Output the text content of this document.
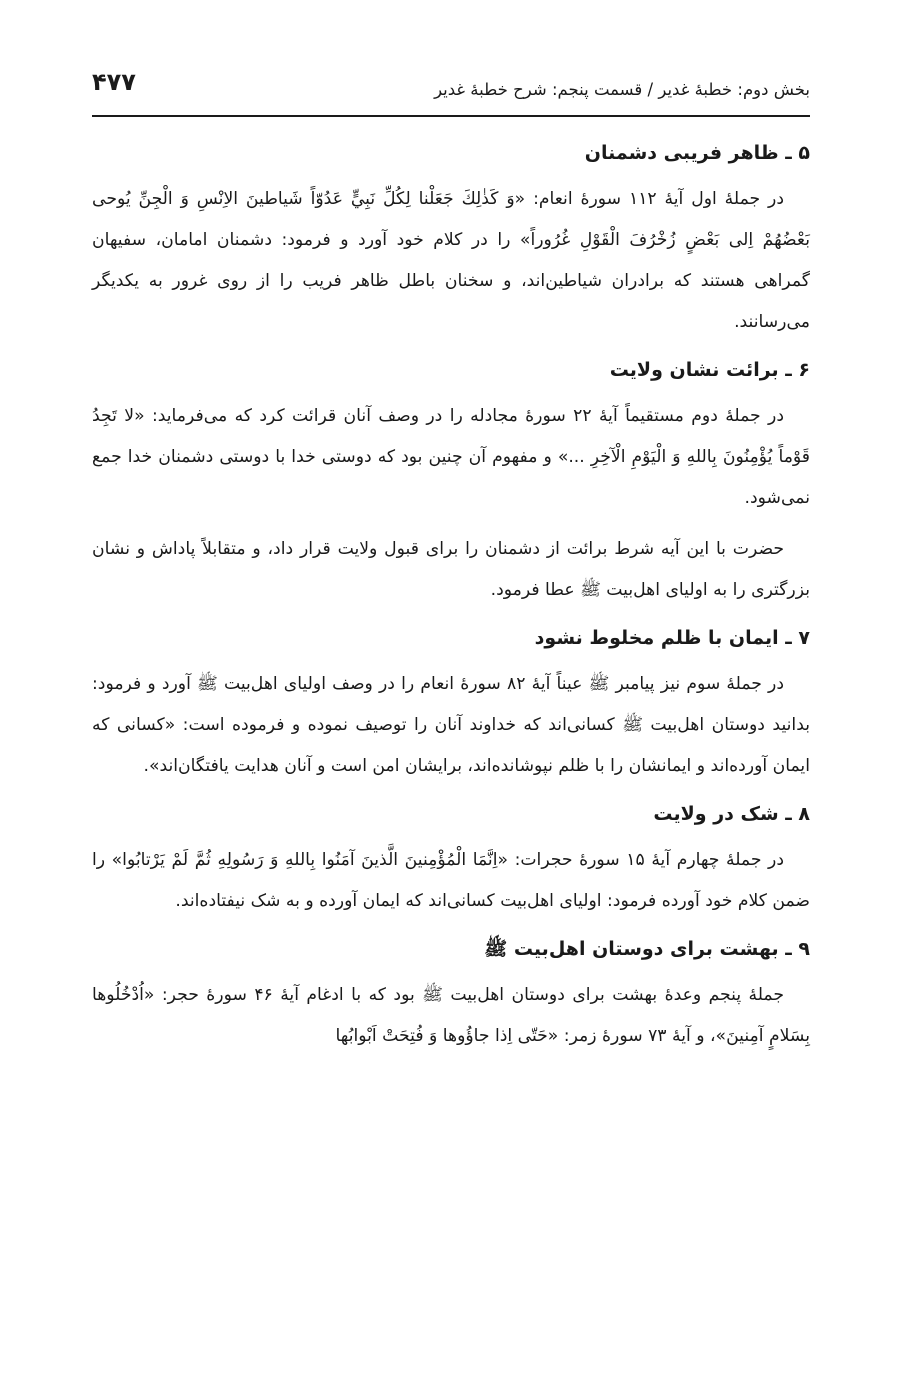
بخش دوم: خطبهٔ غدیر / قسمت پنجم: شرح خطبهٔ غدیر
۴۷۷
۵ ـ ظاهر فریبی دشمنان

در جملهٔ اول آیهٔ ۱۱۲ سورهٔ انعام: «وَ كَذٰلِكَ جَعَلْنا لِكُلِّ نَبِيٍّ عَدُوّاً شَياطينَ الاِنْسِ وَ الْجِنِّ يُوحى بَعْضُهُمْ اِلى بَعْضٍ زُخْرُفَ الْقَوْلِ غُرُوراً» را در کلام خود آورد و فرمود: دشمنان امامان، سفیهان گمراهی هستند که برادران شیاطین‌اند، و سخنان باطل ظاهر فریب را از روی غرور به یکدیگر می‌رسانند.

۶ ـ برائت نشان ولایت

در جملهٔ دوم مستقیماً آیهٔ ۲۲ سورهٔ مجادله را در وصف آنان قرائت کرد که می‌فرماید: «لا تَجِدُ قَوْماً يُؤْمِنُونَ بِاللهِ وَ الْيَوْمِ الْآخِرِ ...» و مفهوم آن چنین بود که دوستی خدا با دوستی دشمنان خدا جمع نمی‌شود.

حضرت با این آیه شرط برائت از دشمنان را برای قبول ولایت قرار داد، و متقابلاً پاداش و نشان بزرگتری را به اولیای اهل‌بیت ﷺ عطا فرمود.

۷ ـ ایمان با ظلم مخلوط نشود

در جملهٔ سوم نیز پیامبر ﷺ عیناً آیهٔ ۸۲ سورهٔ انعام را در وصف اولیای اهل‌بیت ﷺ آورد و فرمود: بدانید دوستان اهل‌بیت ﷺ کسانی‌اند که خداوند آنان را توصیف نموده و فرموده است: «کسانی که ایمان آورده‌اند و ایمانشان را با ظلم نپوشانده‌اند، برایشان امن است و آنان هدایت یافتگان‌اند».

۸ ـ شک در ولایت

در جملهٔ چهارم آیهٔ ۱۵ سورهٔ حجرات: «اِنَّمَا الْمُؤْمِنينَ الَّذينَ آمَنُوا بِاللهِ وَ رَسُولِهِ ثُمَّ لَمْ يَرْتابُوا» را ضمن کلام خود آورده فرمود: اولیای اهل‌بیت کسانی‌اند که ایمان آورده و به شک نیفتاده‌اند.

۹ ـ بهشت برای دوستان اهل‌بیت ﷺ

جملهٔ پنجم وعدهٔ بهشت برای دوستان اهل‌بیت ﷺ بود که با ادغام آیهٔ ۴۶ سورهٔ حجر: «اُدْخُلُوها بِسَلامٍ آمِنينَ»، و آیهٔ ۷۳ سورهٔ زمر: «حَتّى اِذا جاؤُوها وَ فُتِحَتْ اَبْوابُها
